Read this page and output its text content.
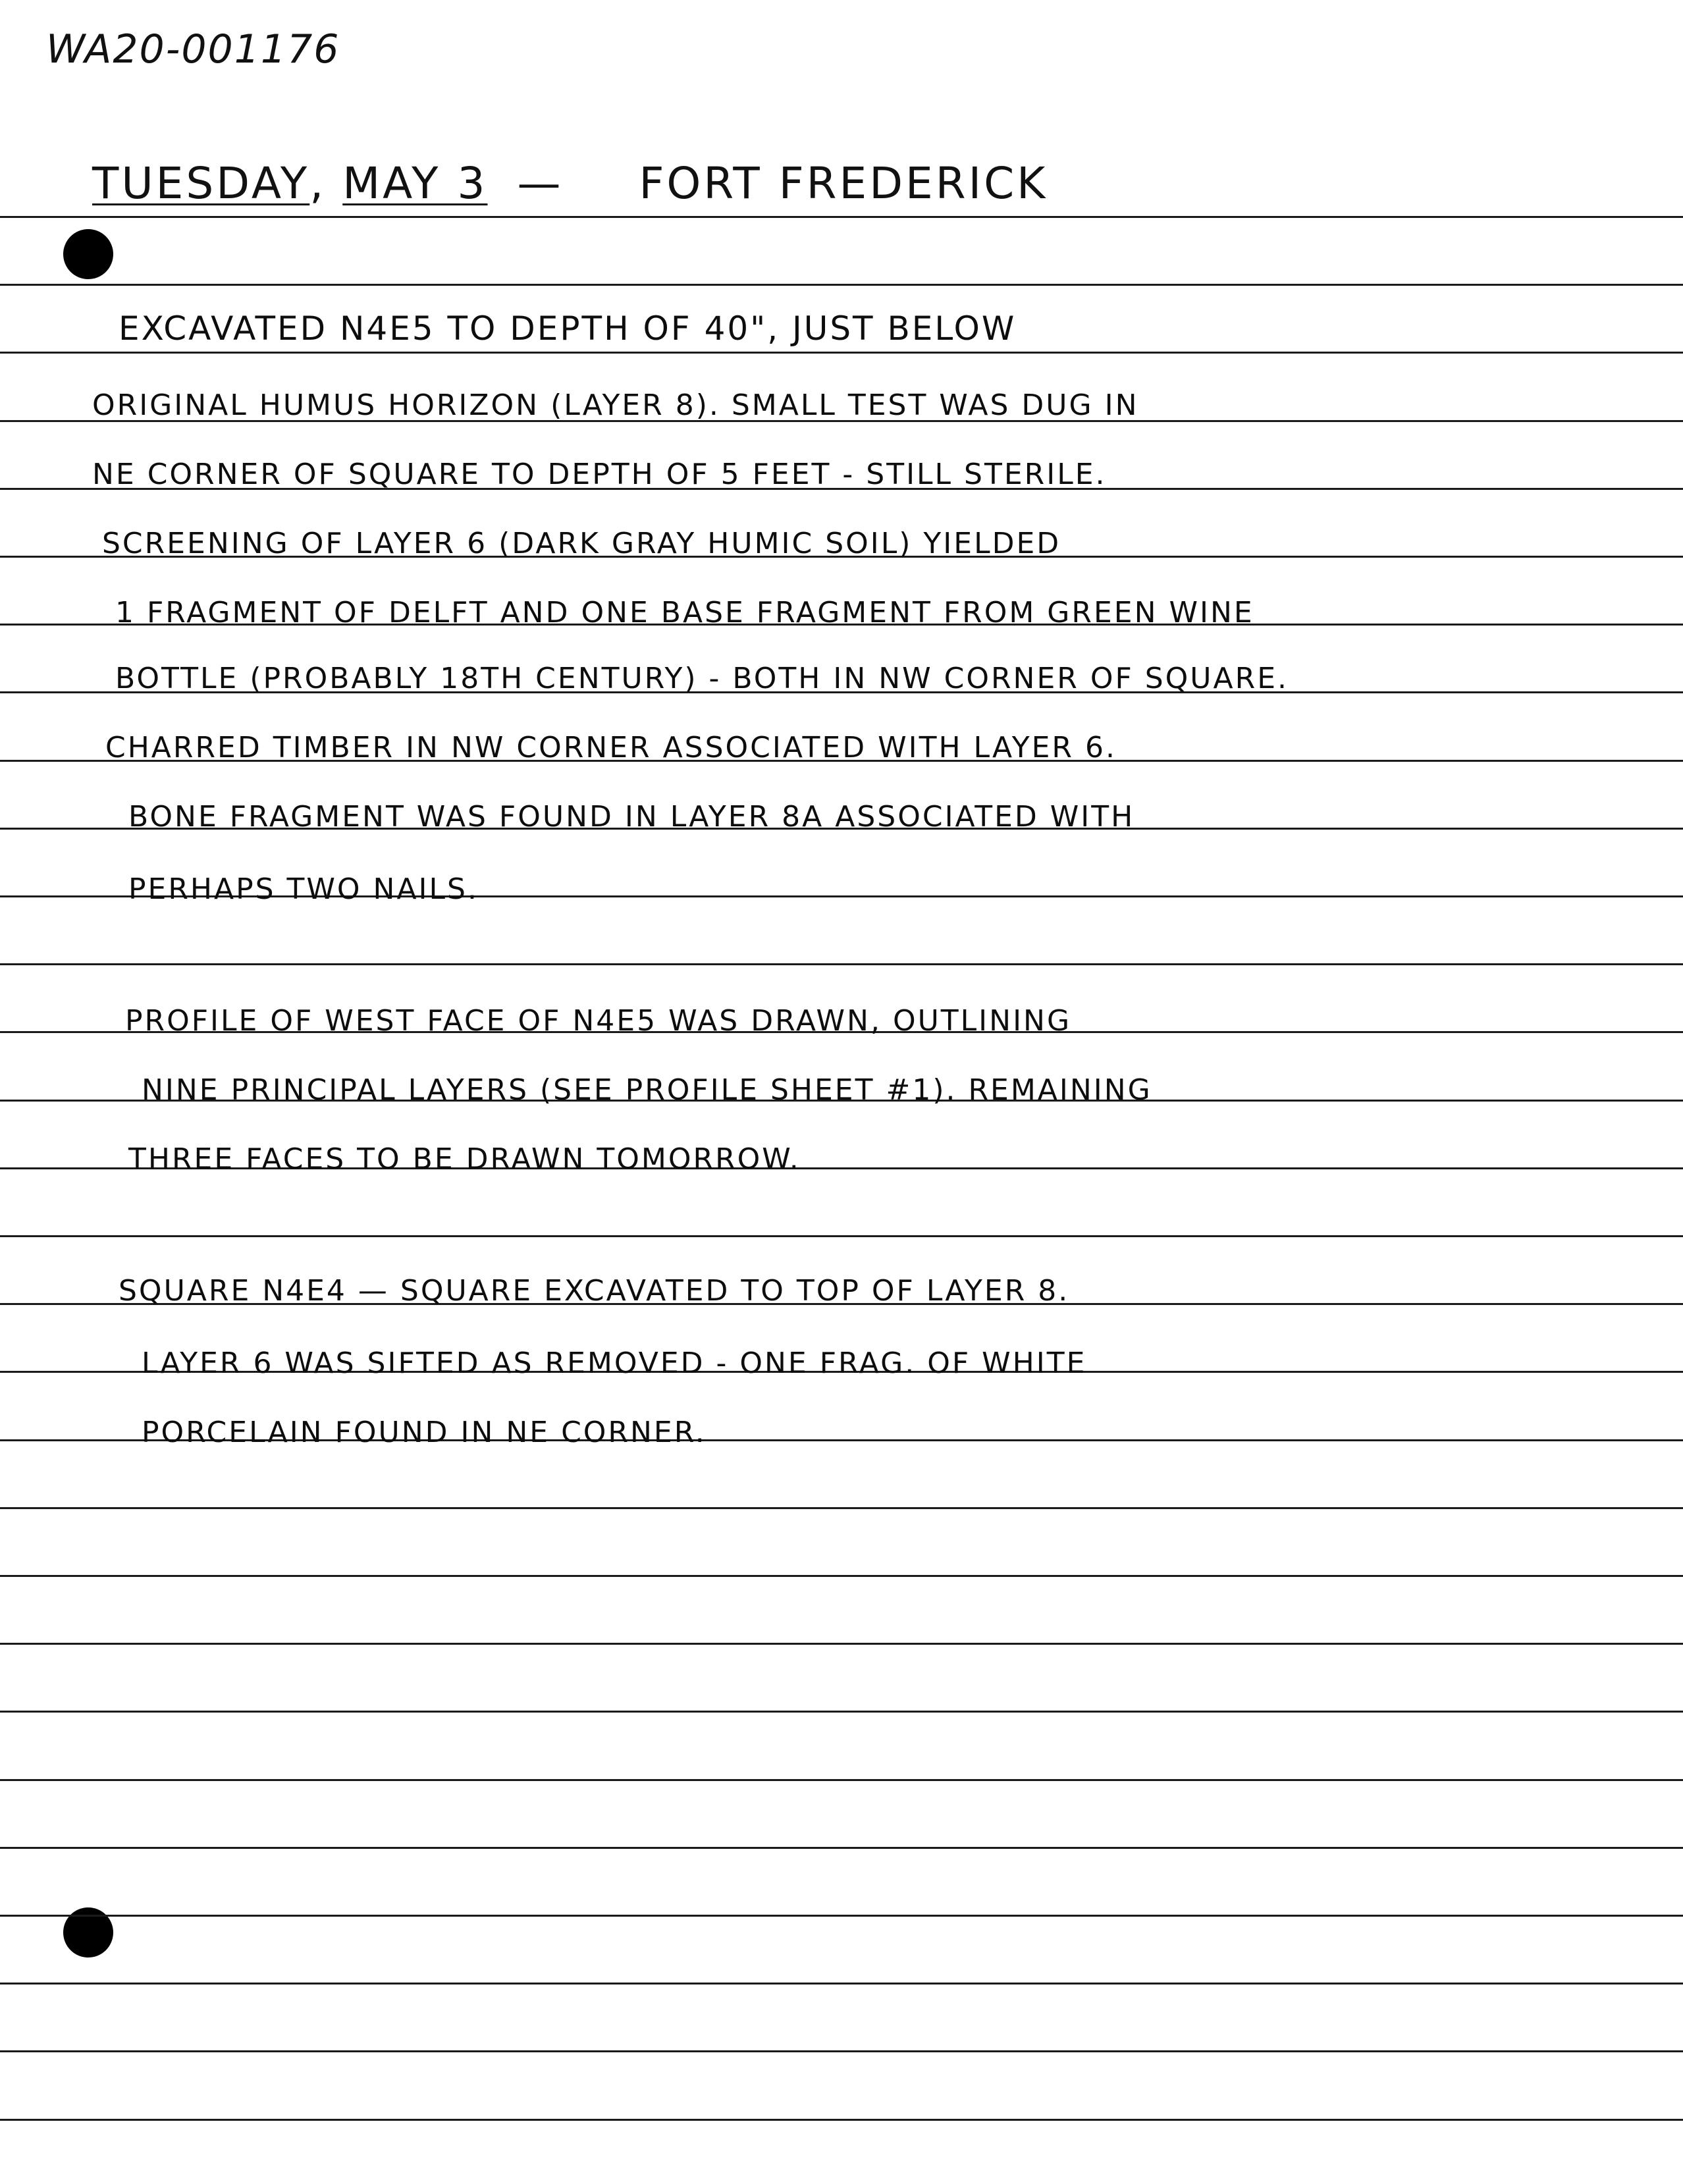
WA20-001176
TUESDAY, MAY 3 — FORT FREDERICK
EXCAVATED N4E5 TO DEPTH OF 40", JUST BELOW
ORIGINAL HUMUS HORIZON (LAYER 8). SMALL TEST WAS DUG IN
NE CORNER OF SQUARE TO DEPTH OF 5 FEET - STILL STERILE.
SCREENING OF LAYER 6 (DARK GRAY HUMIC SOIL) YIELDED
1 FRAGMENT OF DELFT AND ONE BASE FRAGMENT FROM GREEN WINE
BOTTLE (PROBABLY 18TH CENTURY) - BOTH IN NW CORNER OF SQUARE.
CHARRED TIMBER IN NW CORNER ASSOCIATED WITH LAYER 6.
BONE FRAGMENT WAS FOUND IN LAYER 8A ASSOCIATED WITH
PERHAPS TWO NAILS.
PROFILE OF WEST FACE OF N4E5 WAS DRAWN, OUTLINING
NINE PRINCIPAL LAYERS (SEE PROFILE SHEET #1). REMAINING
THREE FACES TO BE DRAWN TOMORROW.
SQUARE N4E4 — SQUARE EXCAVATED TO TOP OF LAYER 8.
LAYER 6 WAS SIFTED AS REMOVED - ONE FRAG. OF WHITE
PORCELAIN FOUND IN NE CORNER.
